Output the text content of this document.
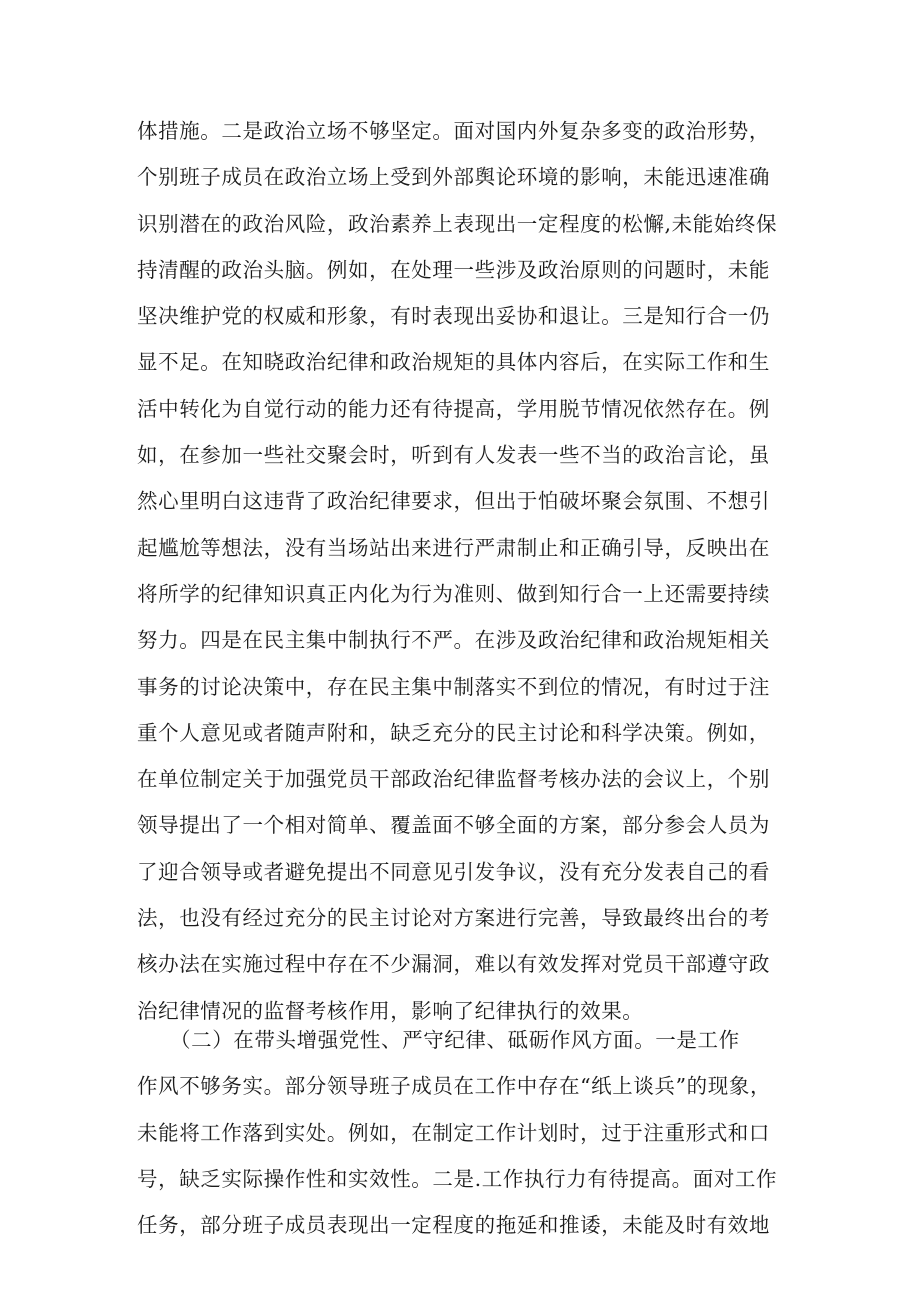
体措施。二是政治立场不够坚定。面对国内外复杂多变的政治形势，
个别班子成员在政治立场上受到外部舆论环境的影响，未能迅速准确
识别潜在的政治风险，政治素养上表现出一定程度的松懈,未能始终保
持清醒的政治头脑。例如，在处理一些涉及政治原则的问题时，未能
坚决维护党的权威和形象，有时表现出妥协和退让。三是知行合一仍
显不足。在知晓政治纪律和政治规矩的具体内容后，在实际工作和生
活中转化为自觉行动的能力还有待提高，学用脱节情况依然存在。例
如，在参加一些社交聚会时，听到有人发表一些不当的政治言论，虽
然心里明白这违背了政治纪律要求，但出于怕破坏聚会氛围、不想引
起尴尬等想法，没有当场站出来进行严肃制止和正确引导，反映出在
将所学的纪律知识真正内化为行为准则、做到知行合一上还需要持续
努力。四是在民主集中制执行不严。在涉及政治纪律和政治规矩相关
事务的讨论决策中，存在民主集中制落实不到位的情况，有时过于注
重个人意见或者随声附和，缺乏充分的民主讨论和科学决策。例如，
在单位制定关于加强党员干部政治纪律监督考核办法的会议上，个别
领导提出了一个相对简单、覆盖面不够全面的方案，部分参会人员为
了迎合领导或者避免提出不同意见引发争议，没有充分发表自己的看
法，也没有经过充分的民主讨论对方案进行完善，导致最终出台的考
核办法在实施过程中存在不少漏洞，难以有效发挥对党员干部遵守政
治纪律情况的监督考核作用，影响了纪律执行的效果。
（二）在带头增强党性、严守纪律、砥砺作风方面。一是工作
作风不够务实。部分领导班子成员在工作中存在“纸上谈兵”的现象，
未能将工作落到实处。例如，在制定工作计划时，过于注重形式和口
号，缺乏实际操作性和实效性。二是.工作执行力有待提高。面对工作
任务，部分班子成员表现出一定程度的拖延和推诿，未能及时有效地
